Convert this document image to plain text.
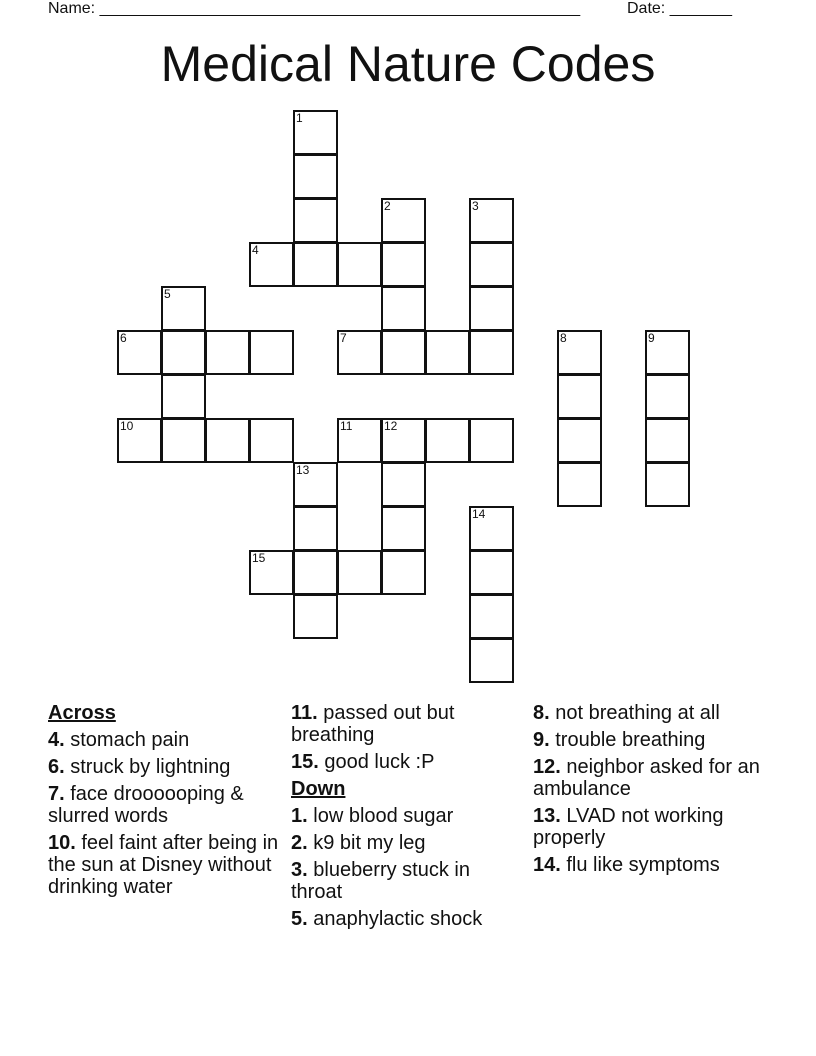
Name: ______________________________________________________	Date: _______
Medical Nature Codes
1
2	3
4
5
6	7	8	9
10	11	12
13
14
15
Across
4. stomach pain
6. struck by lightning
7. face droooooping & slurred words
10. feel faint after being in the sun at Disney without drinking water
11. passed out but breathing
15. good luck :P
Down
1. low blood sugar
2. k9 bit my leg
3. blueberry stuck in throat
5. anaphylactic shock
8. not breathing at all
9. trouble breathing
12. neighbor asked for an ambulance
13. LVAD not working properly
14. flu like symptoms
